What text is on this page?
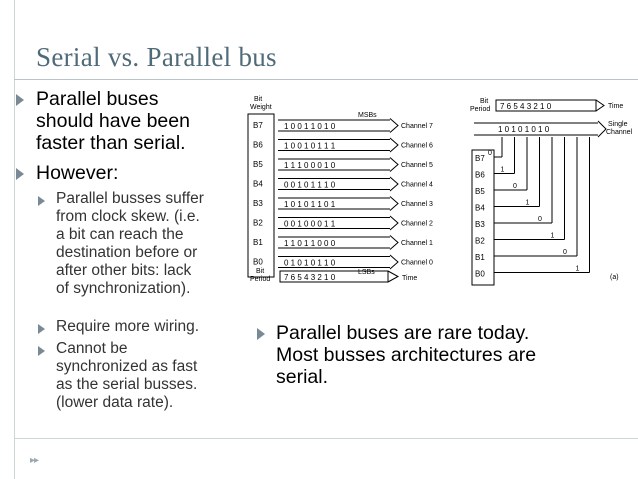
Serial vs. Parallel bus
Parallel buses
should have been
faster than serial.
However:
Parallel busses suffer
from clock skew. (i.e.
a bit can reach the
destination before or
after other bits: lack
of synchronization).
Require more wiring.
Cannot be
synchronized as fast
as the serial busses.
(lower data rate).
Parallel buses are rare today.
Most busses architectures are
serial.
Bit
Weight
MSBs
B7	1 0 0 1 1 0 1 0	Channel 7
B6	1 0 0 1 0 1 1 1	Channel 6
B5	1 1 1 0 0 0 1 0	Channel 5
B4	0 0 1 0 1 1 1 0	Channel 4
B3	1 0 1 0 1 1 0 1	Channel 3
B2	0 0 1 0 0 0 1 1	Channel 2
B1	1 1 0 1 1 0 0 0	Channel 1
B0	0 1 0 1 0 1 1 0	Channel 0
LSBs
Bit
Period 7 6 5 4 3 2 1 0	Time
Bit
Period 7 6 5 4 3 2 1 0	Time
1 0 1 0 1 0 1 0
Single
Channel
B7
0
B6
1
B5
0
B4
1
B3
0
B2
1
B1
0
B0
1
(a)
▸▸
